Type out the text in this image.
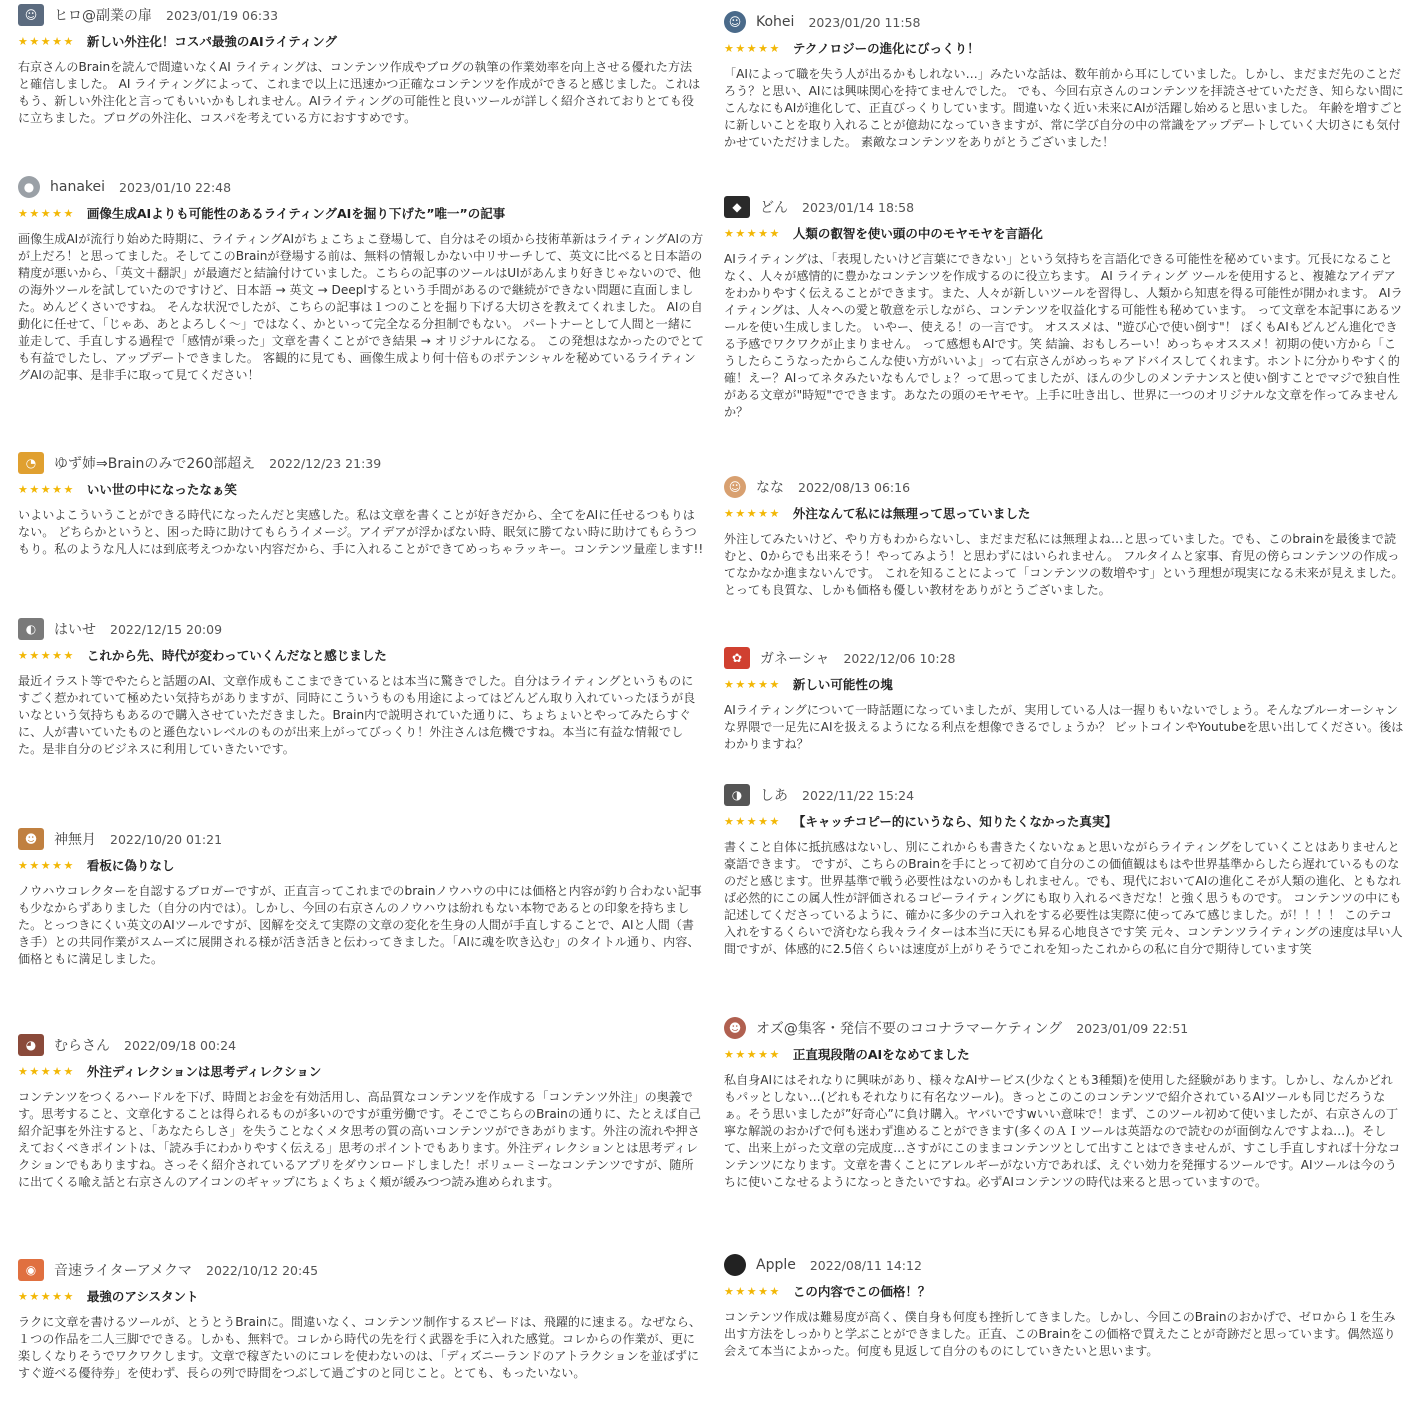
☺	ヒロ@副業の扉 2023/01/19 06:33
★★★★★ 新しい外注化！コスパ最強のAIライティング
右京さんのBrainを読んで間違いなくAI ライティングは、コンテンツ作成やブログの執筆の作業効率を向上させる優れた方法と確信しました。 AI ライティングによって、これまで以上に迅速かつ正確なコンテンツを作成ができると感じました。これはもう、新しい外注化と言ってもいいかもしれません。AIライティングの可能性と良いツールが詳しく紹介されておりとても役に立ちました。ブログの外注化、コスパを考えている方におすすめです。
●	hanakei 2023/01/10 22:48
★★★★★ 画像生成AIよりも可能性のあるライティングAIを掘り下げた”唯一”の記事
画像生成AIが流行り始めた時期に、ライティングAIがちょこちょこ登場して、自分はその頃から技術革新はライティングAIの方が上だろ！と思ってました。そしてこのBrainが登場する前は、無料の情報しかない中リサーチして、英文に比べると日本語の精度が悪いから、「英文＋翻訳」が最適だと結論付けていました。こちらの記事のツールはUIがあんまり好きじゃないので、他の海外ツールを試していたのですけど、日本語 → 英文 → Deeplするという手間があるので継続ができない問題に直面しました。めんどくさいですね。 そんな状況でしたが、こちらの記事は１つのことを掘り下げる大切さを教えてくれました。 AIの自動化に任せて、「じゃあ、あとよろしく〜」ではなく、かといって完全なる分担制でもない。 パートナーとして人間と一緒に並走して、手直しする過程で「感情が乗った」文章を書くことができ結果 → オリジナルになる。 この発想はなかったのでとても有益でしたし、アップデートできました。 客観的に見ても、画像生成より何十倍ものポテンシャルを秘めているライティングAIの記事、是非手に取って見てください！
◔	ゆず姉⇒Brainのみで260部超え 2022/12/23 21:39
★★★★★ いい世の中になったなぁ笑
いよいよこういうことができる時代になったんだと実感した。私は文章を書くことが好きだから、全てをAIに任せるつもりはない。 どちらかというと、困った時に助けてもらうイメージ。アイデアが浮かばない時、眠気に勝てない時に助けてもらうつもり。私のような凡人には到底考えつかない内容だから、手に入れることができてめっちゃラッキー。コンテンツ量産します!!
◐	はいせ 2022/12/15 20:09
★★★★★ これから先、時代が変わっていくんだなと感じました
最近イラスト等でやたらと話題のAI、文章作成もここまできているとは本当に驚きでした。自分はライティングというものにすごく惹かれていて極めたい気持ちがありますが、同時にこういうものも用途によってはどんどん取り入れていったほうが良いなという気持ちもあるので購入させていただきました。Brain内で説明されていた通りに、ちょちょいとやってみたらすぐに、人が書いていたものと遜色ないレベルのものが出来上がってびっくり！外注さんは危機ですね。本当に有益な情報でした。是非自分のビジネスに利用していきたいです。
☻	神無月 2022/10/20 01:21
★★★★★ 看板に偽りなし
ノウハウコレクターを自認するブロガーですが、正直言ってこれまでのbrainノウハウの中には価格と内容が釣り合わない記事も少なからずありました（自分の内では）。しかし、今回の右京さんのノウハウは紛れもない本物であるとの印象を持ちました。とっつきにくい英文のAIツールですが、図解を交えて実際の文章の変化を生身の人間が手直しすることで、AIと人間（書き手）との共同作業がスムーズに展開される様が活き活きと伝わってきました。「AIに魂を吹き込む」のタイトル通り、内容、価格ともに満足しました。
◕	むらさん 2022/09/18 00:24
★★★★★ 外注ディレクションは思考ディレクション
コンテンツをつくるハードルを下げ、時間とお金を有効活用し、高品質なコンテンツを作成する「コンテンツ外注」の奥義です。思考すること、文章化することは得られるものが多いのですが重労働です。そこでこちらのBrainの通りに、たとえば自己紹介記事を外注すると、「あなたらしさ」を失うことなくメタ思考の質の高いコンテンツができあがります。外注の流れや押さえておくべきポイントは、「読み手にわかりやすく伝える」思考のポイントでもあります。外注ディレクションとは思考ディレクションでもありますね。さっそく紹介されているアプリをダウンロードしました！ボリューミーなコンテンツですが、随所に出てくる喩え話と右京さんのアイコンのギャップにちょくちょく頬が緩みつつ読み進められます。
◉	音速ライターアメクマ 2022/10/12 20:45
★★★★★ 最強のアシスタント
ラクに文章を書けるツールが、とうとうBrainに。間違いなく、コンテンツ制作するスピードは、飛躍的に速まる。なぜなら、１つの作品を二人三脚でできる。しかも、無料で。コレから時代の先を行く武器を手に入れた感覚。コレからの作業が、更に楽しくなりそうでワクワクします。文章で稼ぎたいのにコレを使わないのは、「ディズニーランドのアトラクションを並ばずにすぐ遊べる優待券」を使わず、長らの列で時間をつぶして過ごすのと同じこと。とても、もったいない。
☺	Kohei 2023/01/20 11:58
★★★★★ テクノロジーの進化にびっくり！
「AIによって職を失う人が出るかもしれない…」みたいな話は、数年前から耳にしていました。しかし、まだまだ先のことだろう？と思い、AIには興味関心を持てませんでした。 でも、今回右京さんのコンテンツを拝読させていただき、知らない間にこんなにもAIが進化して、正直びっくりしています。間違いなく近い未来にAIが活躍し始めると思いました。 年齢を増すごとに新しいことを取り入れることが億劫になっていきますが、常に学び自分の中の常識をアップデートしていく大切さにも気付かせていただけました。 素敵なコンテンツをありがとうございました！
◆	どん 2023/01/14 18:58
★★★★★ 人類の叡智を使い頭の中のモヤモヤを言語化
AIライティングは、「表現したいけど言葉にできない」という気持ちを言語化できる可能性を秘めています。冗長になることなく、人々が感情的に豊かなコンテンツを作成するのに役立ちます。 AI ライティング ツールを使用すると、複雑なアイデアをわかりやすく伝えることができます。また、人々が新しいツールを習得し、人類から知恵を得る可能性が開かれます。 AIライティングは、人々への愛と敬意を示しながら、コンテンツを収益化する可能性も秘めています。 って文章を本記事にあるツールを使い生成しました。 いやー、使える！の一言です。 オススメは、"遊び心で使い倒す"！ ぼくもAIもどんどん進化できる予感でワクワクが止まりません。 って感想もAIです。笑 結論、おもしろーい！めっちゃオススメ！初期の使い方から「こうしたらこうなったからこんな使い方がいいよ」って右京さんがめっちゃアドバイスしてくれます。ホントに分かりやすく的確！えー？AIってネタみたいなもんでしょ？って思ってましたが、ほんの少しのメンテナンスと使い倒すことでマジで独自性がある文章が"時短"でできます。あなたの頭のモヤモヤ。上手に吐き出し、世界に一つのオリジナルな文章を作ってみませんか？
☺	なな 2022/08/13 06:16
★★★★★ 外注なんて私には無理って思っていました
外注してみたいけど、やり方もわからないし、まだまだ私には無理よね…と思っていました。でも、このbrainを最後まで読むと、0からでも出来そう！やってみよう！と思わずにはいられません。 フルタイムと家事、育児の傍らコンテンツの作成ってなかなか進まないんです。 これを知ることによって「コンテンツの数増やす」という理想が現実になる未来が見えました。とっても良質な、しかも価格も優しい教材をありがとうございました。
✿	ガネーシャ 2022/12/06 10:28
★★★★★ 新しい可能性の塊
AIライティングについて一時話題になっていましたが、実用している人は一握りもいないでしょう。そんなブルーオーシャンな界隈で一足先にAIを扱えるようになる利点を想像できるでしょうか？ ビットコインやYoutubeを思い出してください。後はわかりますね？
◑	しあ 2022/11/22 15:24
★★★★★ 【キャッチコピー的にいうなら、知りたくなかった真実】
書くこと自体に抵抗感はないし、別にこれからも書きたくないなぁと思いながらライティングをしていくことはありませんと豪語できます。 ですが、こちらのBrainを手にとって初めて自分のこの価値観はもはや世界基準からしたら遅れているものなのだと感じます。世界基準で戦う必要性はないのかもしれません。でも、現代においてAIの進化こそが人類の進化、ともなれば必然的にこの属人性が評価されるコピーライティングにも取り入れるべきだな！と強く思うものです。 コンテンツの中にも記述してくださっているように、確かに多少のテコ入れをする必要性は実際に使ってみて感じました。が！！！！ このテコ入れをするくらいで済むなら我々ライターは本当に天にも昇る心地良さです笑 元々、コンテンツライティングの速度は早い人間ですが、体感的に2.5倍くらいは速度が上がりそうでこれを知ったこれからの私に自分で期待しています笑
☻	オズ@集客・発信不要のココナラマーケティング 2023/01/09 22:51
★★★★★ 正直現段階のAIをなめてました
私自身AIにはそれなりに興味があり、様々なAIサービス(少なくとも3種類)を使用した経験があります。しかし、なんかどれもパッとしない…(どれもそれなりに有名なツール)。きっとこのこのコンテンツで紹介されているAIツールも同じだろうなぁ。そう思いましたが”好奇心”に負け購入。ヤバいですwいい意味で！まず、このツール初めて使いましたが、右京さんの丁寧な解説のおかげで何も迷わず進めることができます(多くのＡＩツールは英語なので読むのが面倒なんですよね…)。そして、出来上がった文章の完成度…さすがにこのままコンテンツとして出すことはできませんが、すこし手直しすれば十分なコンテンツになります。文章を書くことにアレルギーがない方であれば、えぐい効力を発揮するツールです。AIツールは今のうちに使いこなせるようになっときたいですね。必ずAIコンテンツの時代は来ると思っていますので。
Apple 2022/08/11 14:12
★★★★★ この内容でこの価格！？
コンテンツ作成は難易度が高く、僕自身も何度も挫折してきました。しかし、今回このBrainのおかげで、ゼロから１を生み出す方法をしっかりと学ぶことができました。正直、このBrainをこの価格で買えたことが奇跡だと思っています。偶然巡り会えて本当によかった。何度も見返して自分のものにしていきたいと思います。
